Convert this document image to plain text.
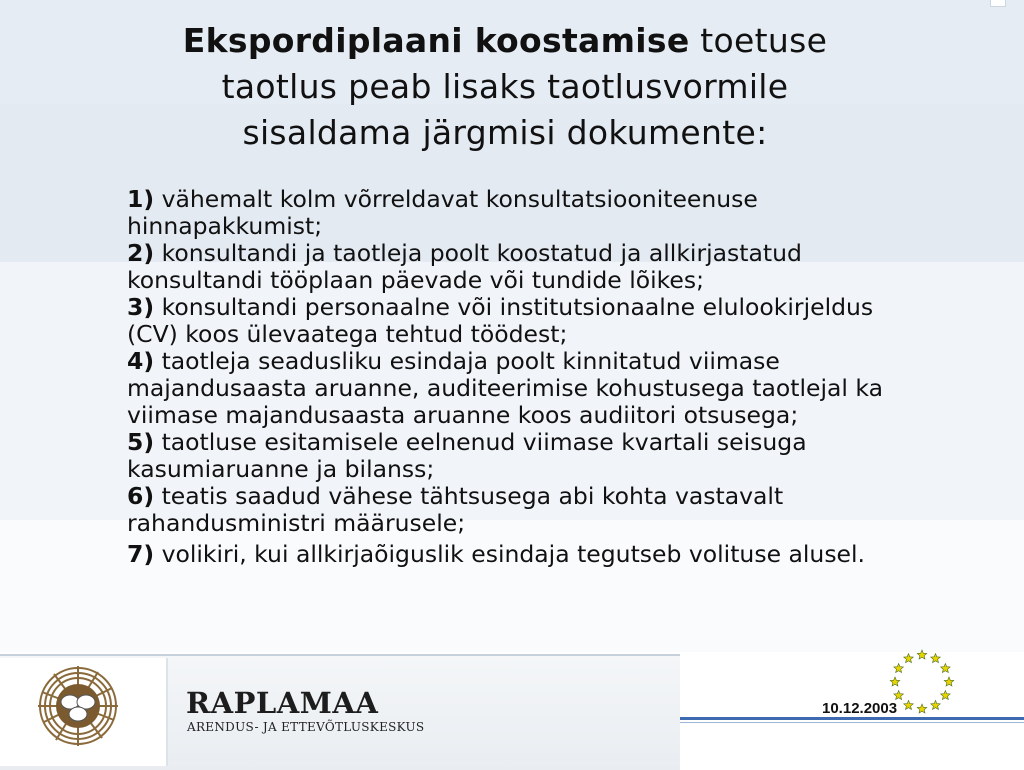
Ekspordiplaani koostamise toetuse
taotlus peab lisaks taotlusvormile
sisaldama järgmisi dokumente:

1) vähemalt kolm võrreldavat konsultatsiooniteenuse hinnapakkumist;

2) konsultandi ja taotleja poolt koostatud ja allkirjastatud konsultandi tööplaan päevade või tundide lõikes;

3) konsultandi personaalne või institutsionaalne elulookirjeldus (CV) koos ülevaatega tehtud töödest;

4) taotleja seadusliku esindaja poolt kinnitatud viimase majandusaasta aruanne, auditeerimise kohustusega taotlejal ka viimase majandusaasta aruanne koos audiitori otsusega;

5) taotluse esitamisele eelnenud viimase kvartali seisuga kasumiaruanne ja bilanss;

6) teatis saadud vähese tähtsusega abi kohta vastavalt rahandusministri määrusele;

7) volikiri, kui allkirjaõiguslik esindaja tegutseb volituse alusel.

RAPLAMAA
ARENDUS- JA ETTEVÕTLUSKESKUS
10.12.2003
